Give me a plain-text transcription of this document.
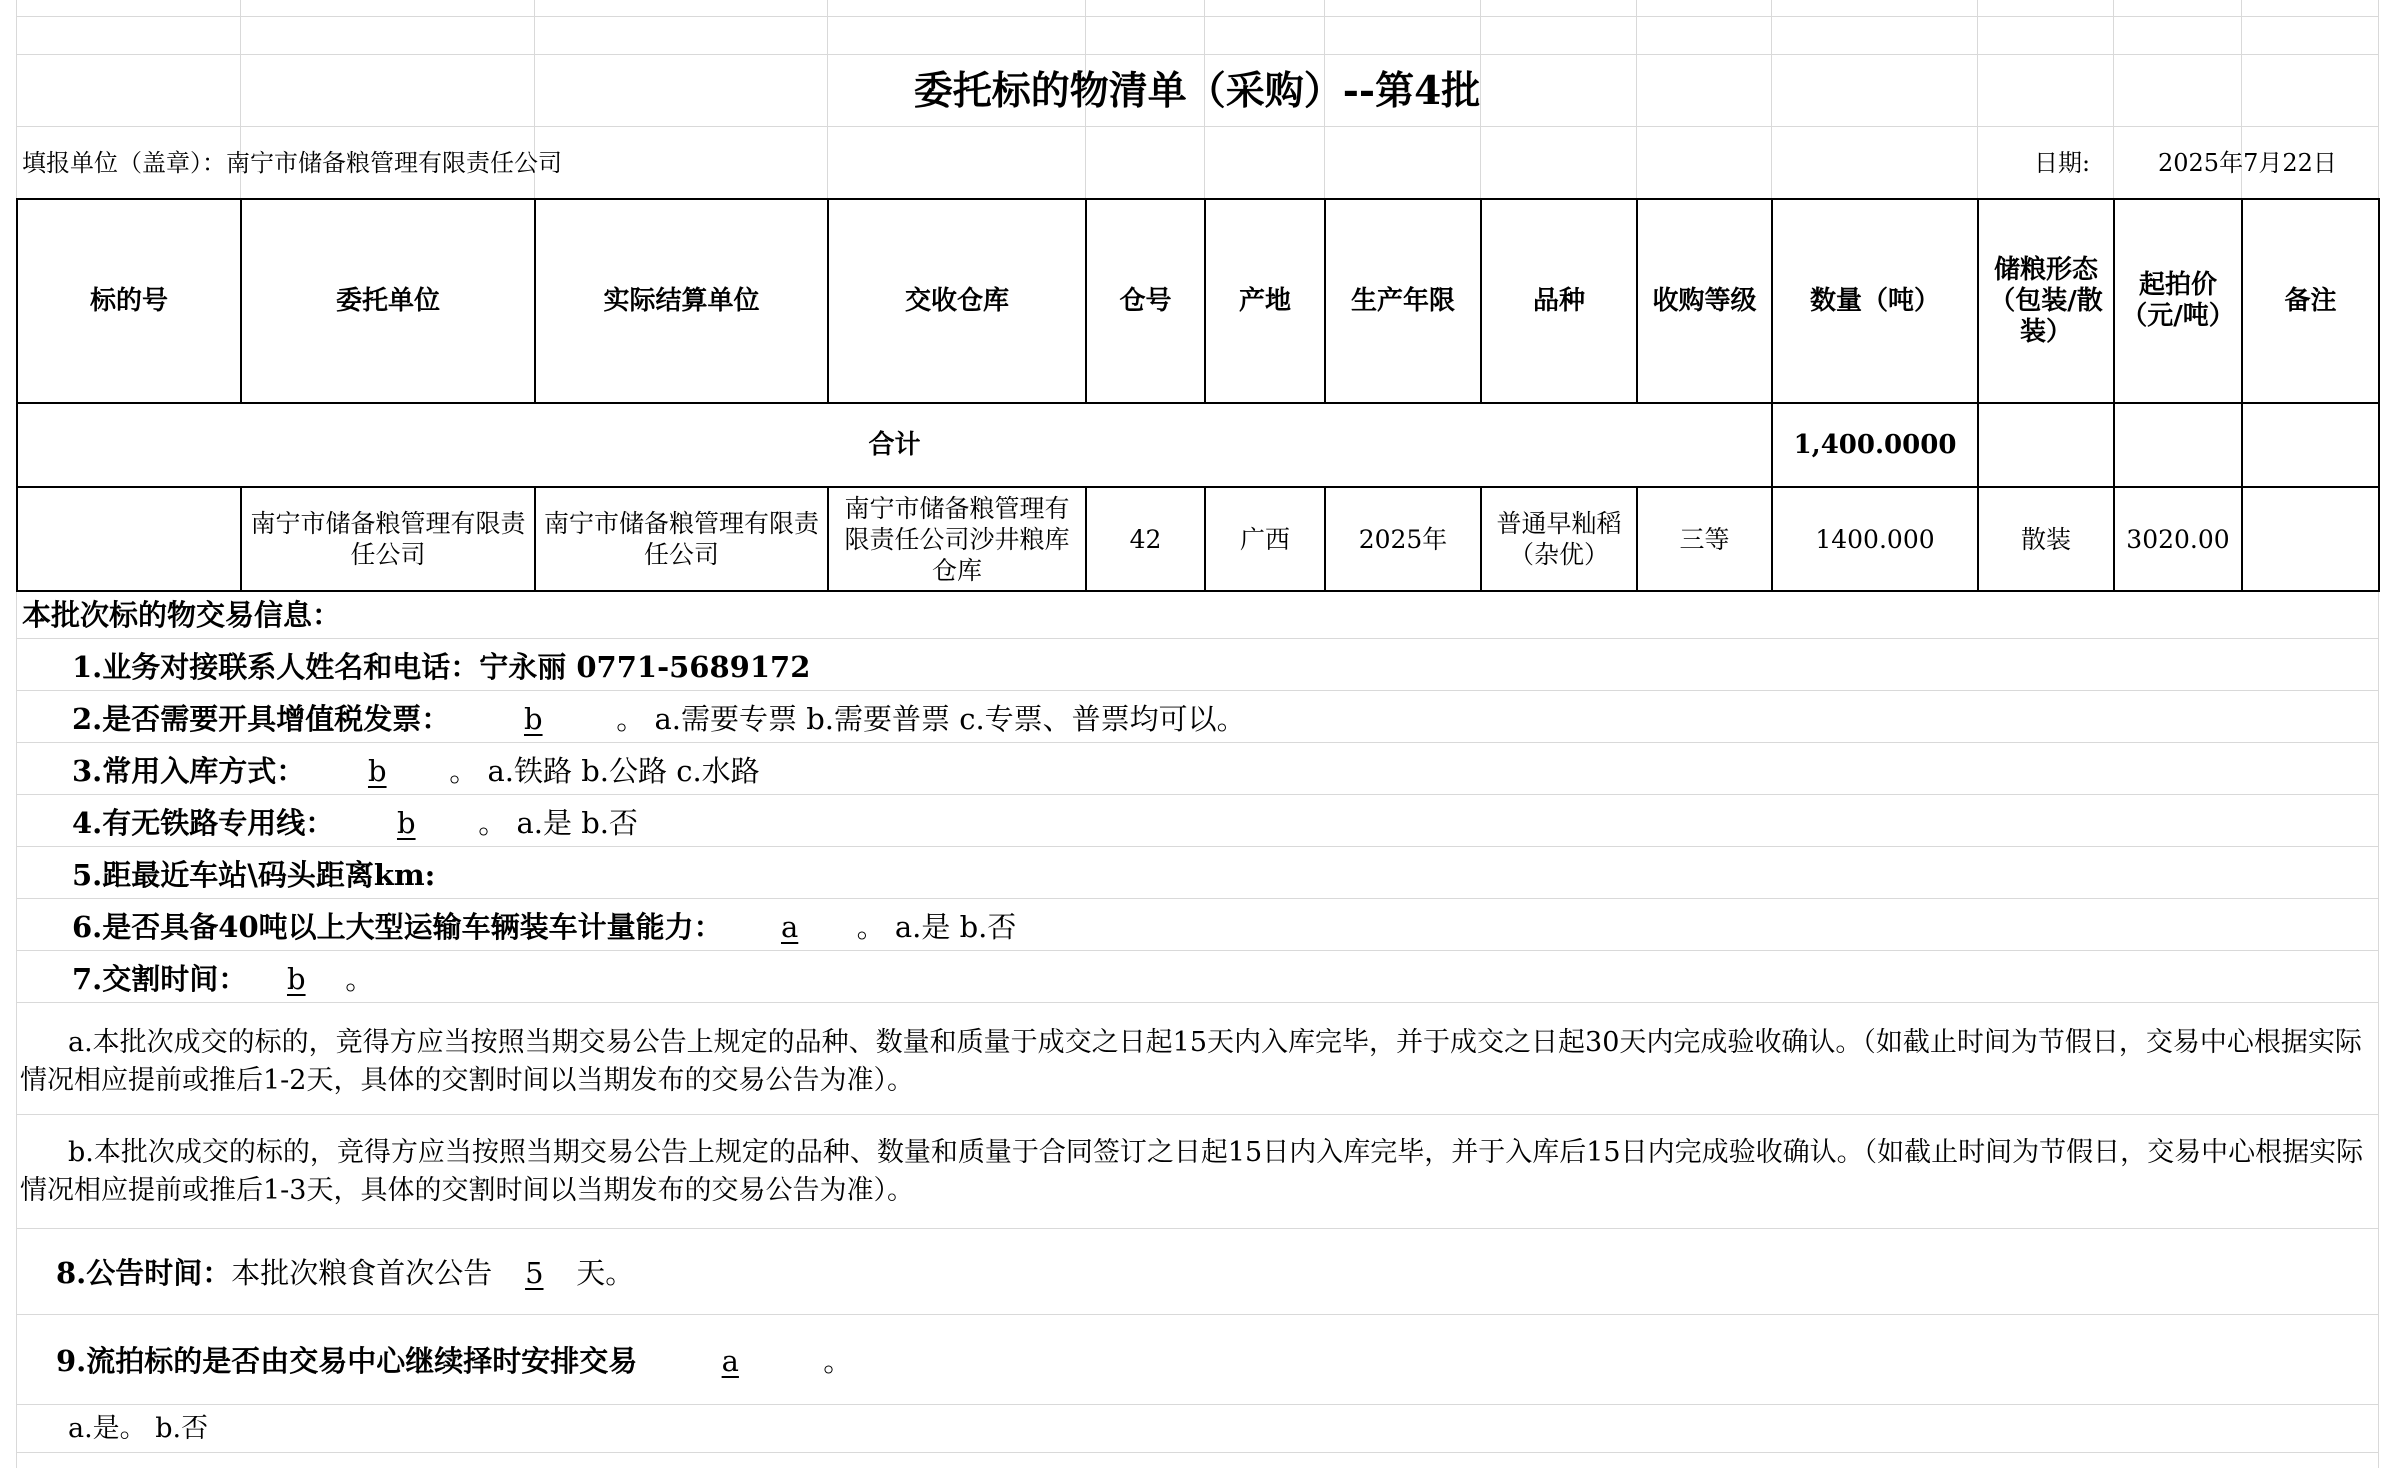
委托标的物清单（采购）--第4批
填报单位（盖章）：南宁市储备粮管理有限责任公司	日期:	2025年7月22日
标的号	委托单位	实际结算单位	交收仓库	仓号	产地	生产年限	品种	收购等级	数量（吨）	储粮形态（包装/散装）	起拍价（元/吨）	备注
合计									1,400.0000			
	南宁市储备粮管理有限责任公司	南宁市储备粮管理有限责任公司	南宁市储备粮管理有限责任公司沙井粮库仓库	42	广西	2025年	普通早籼稻（杂优）	三等	1400.000	散装	3020.00	
本批次标的物交易信息：
1.业务对接联系人姓名和电话：宁永丽 0771-5689172
2.是否需要开具增值税发票：	b	。 a.需要专票 b.需要普票 c.专票、普票均可以。
3.常用入库方式： b 。 a.铁路 b.公路 c.水路
4.有无铁路专用线： b 。 a.是 b.否
5.距最近车站\码头距离km:
6.是否具备40吨以上大型运输车辆装车计量能力： a 。 a.是 b.否
7.交割时间： b 。
a.本批次成交的标的，竞得方应当按照当期交易公告上规定的品种、数量和质量于成交之日起15天内入库完毕，并于成交之日起30天内完成验收确认。（如截止时间为节假日，交易中心根据实际情况相应提前或推后1-2天，具体的交割时间以当期发布的交易公告为准）。
b.本批次成交的标的，竞得方应当按照当期交易公告上规定的品种、数量和质量于合同签订之日起15日内入库完毕，并于入库后15日内完成验收确认。（如截止时间为节假日，交易中心根据实际情况相应提前或推后1-3天，具体的交割时间以当期发布的交易公告为准）。
8.公告时间：本批次粮食首次公告 5 天。
9.流拍标的是否由交易中心继续择时安排交易	a	。
a.是。 b.否
